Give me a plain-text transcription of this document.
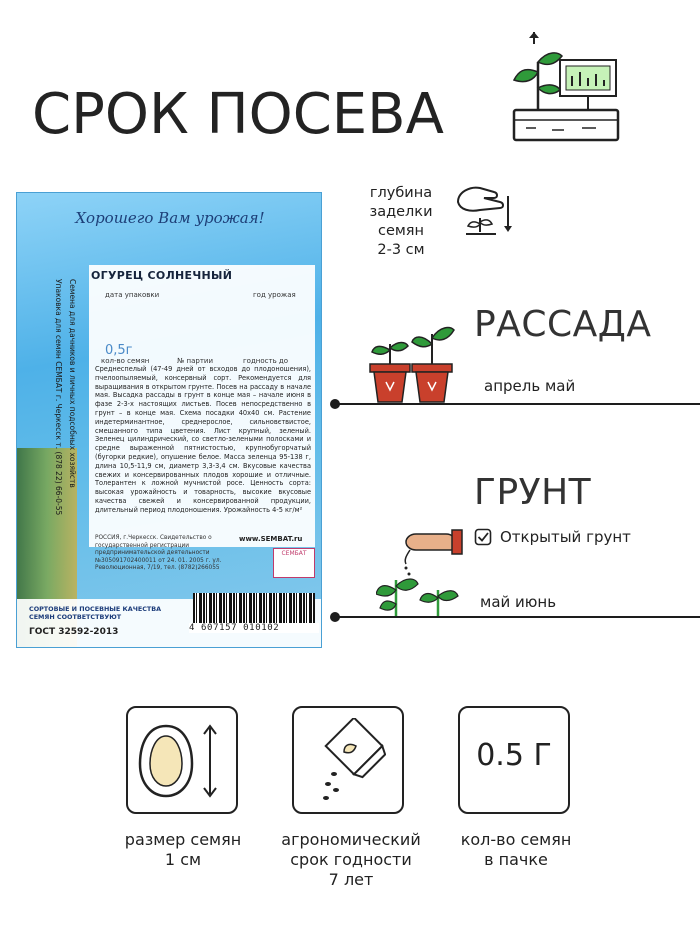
СРОК ПОСЕВА
Хорошего Вам урожая!
Семена для дачников и личных подсобных хозяйств
Упаковка для семян СЕМБАТ г. Черкесск т. (878 22) 66-0-55
ОГУРЕЦ СОЛНЕЧНЫЙ
дата упаковки	год урожая
0,5г
кол-во семян	№ партии	годность до
Среднеспелый (47-49 дней от всходов до плодоношения), пчелоопыляемый, консервный сорт. Рекомендуется для выращивания в открытом грунте. Посев на рассаду в начале мая. Высадка рассады в грунт в конце мая – начале июня в фазе 2-3-х настоящих листьев. Посев непосредственно в грунт – в конце мая. Схема посадки 40х40 см. Растение индетерминантное, среднерослое, сильновєтвистое, смешанного типа цветения. Лист крупный, зеленый. Зеленец цилиндрический, со светло-зелеными полосками и средне выраженной пятнистостью, крупнобугорчатый (бугорки редкие), опушение белое. Масса зеленца 95-138 г, длина 10,5-11,9 см, диаметр 3,3-3,4 см. Вкусовые качества свежих и консервированных плодов хорошие и отличные. Толерантен к ложной мучнистой росе. Ценность сорта: высокая урожайность и товарность, высокие вкусовые качества свежей и консервированной продукции, длительный период плодоношения. Урожайность 4-5 кг/м²
РОССИЯ, г.Черкесск. Свидетельство о государственной регистрации предпринимательской деятельности №305091702400011 от 24. 01. 2005 г. ул. Революционная, 7/19, тел. (8782)266055
www.SEMBAT.ru
СЕМБАТ
СОРТОВЫЕ И ПОСЕВНЫЕ КАЧЕСТВА СЕМЯН СООТВЕТСТВУЮТ
ГОСТ 32592-2013	4 607157 010102
глубина
заделки
семян
2-3 см
РАССАДА
апрель май
ГРУНТ
Открытый грунт
май июнь
размер семян
1 см
агрономический
срок годности
7 лет
0.5 Г
кол-во семян
в пачке
